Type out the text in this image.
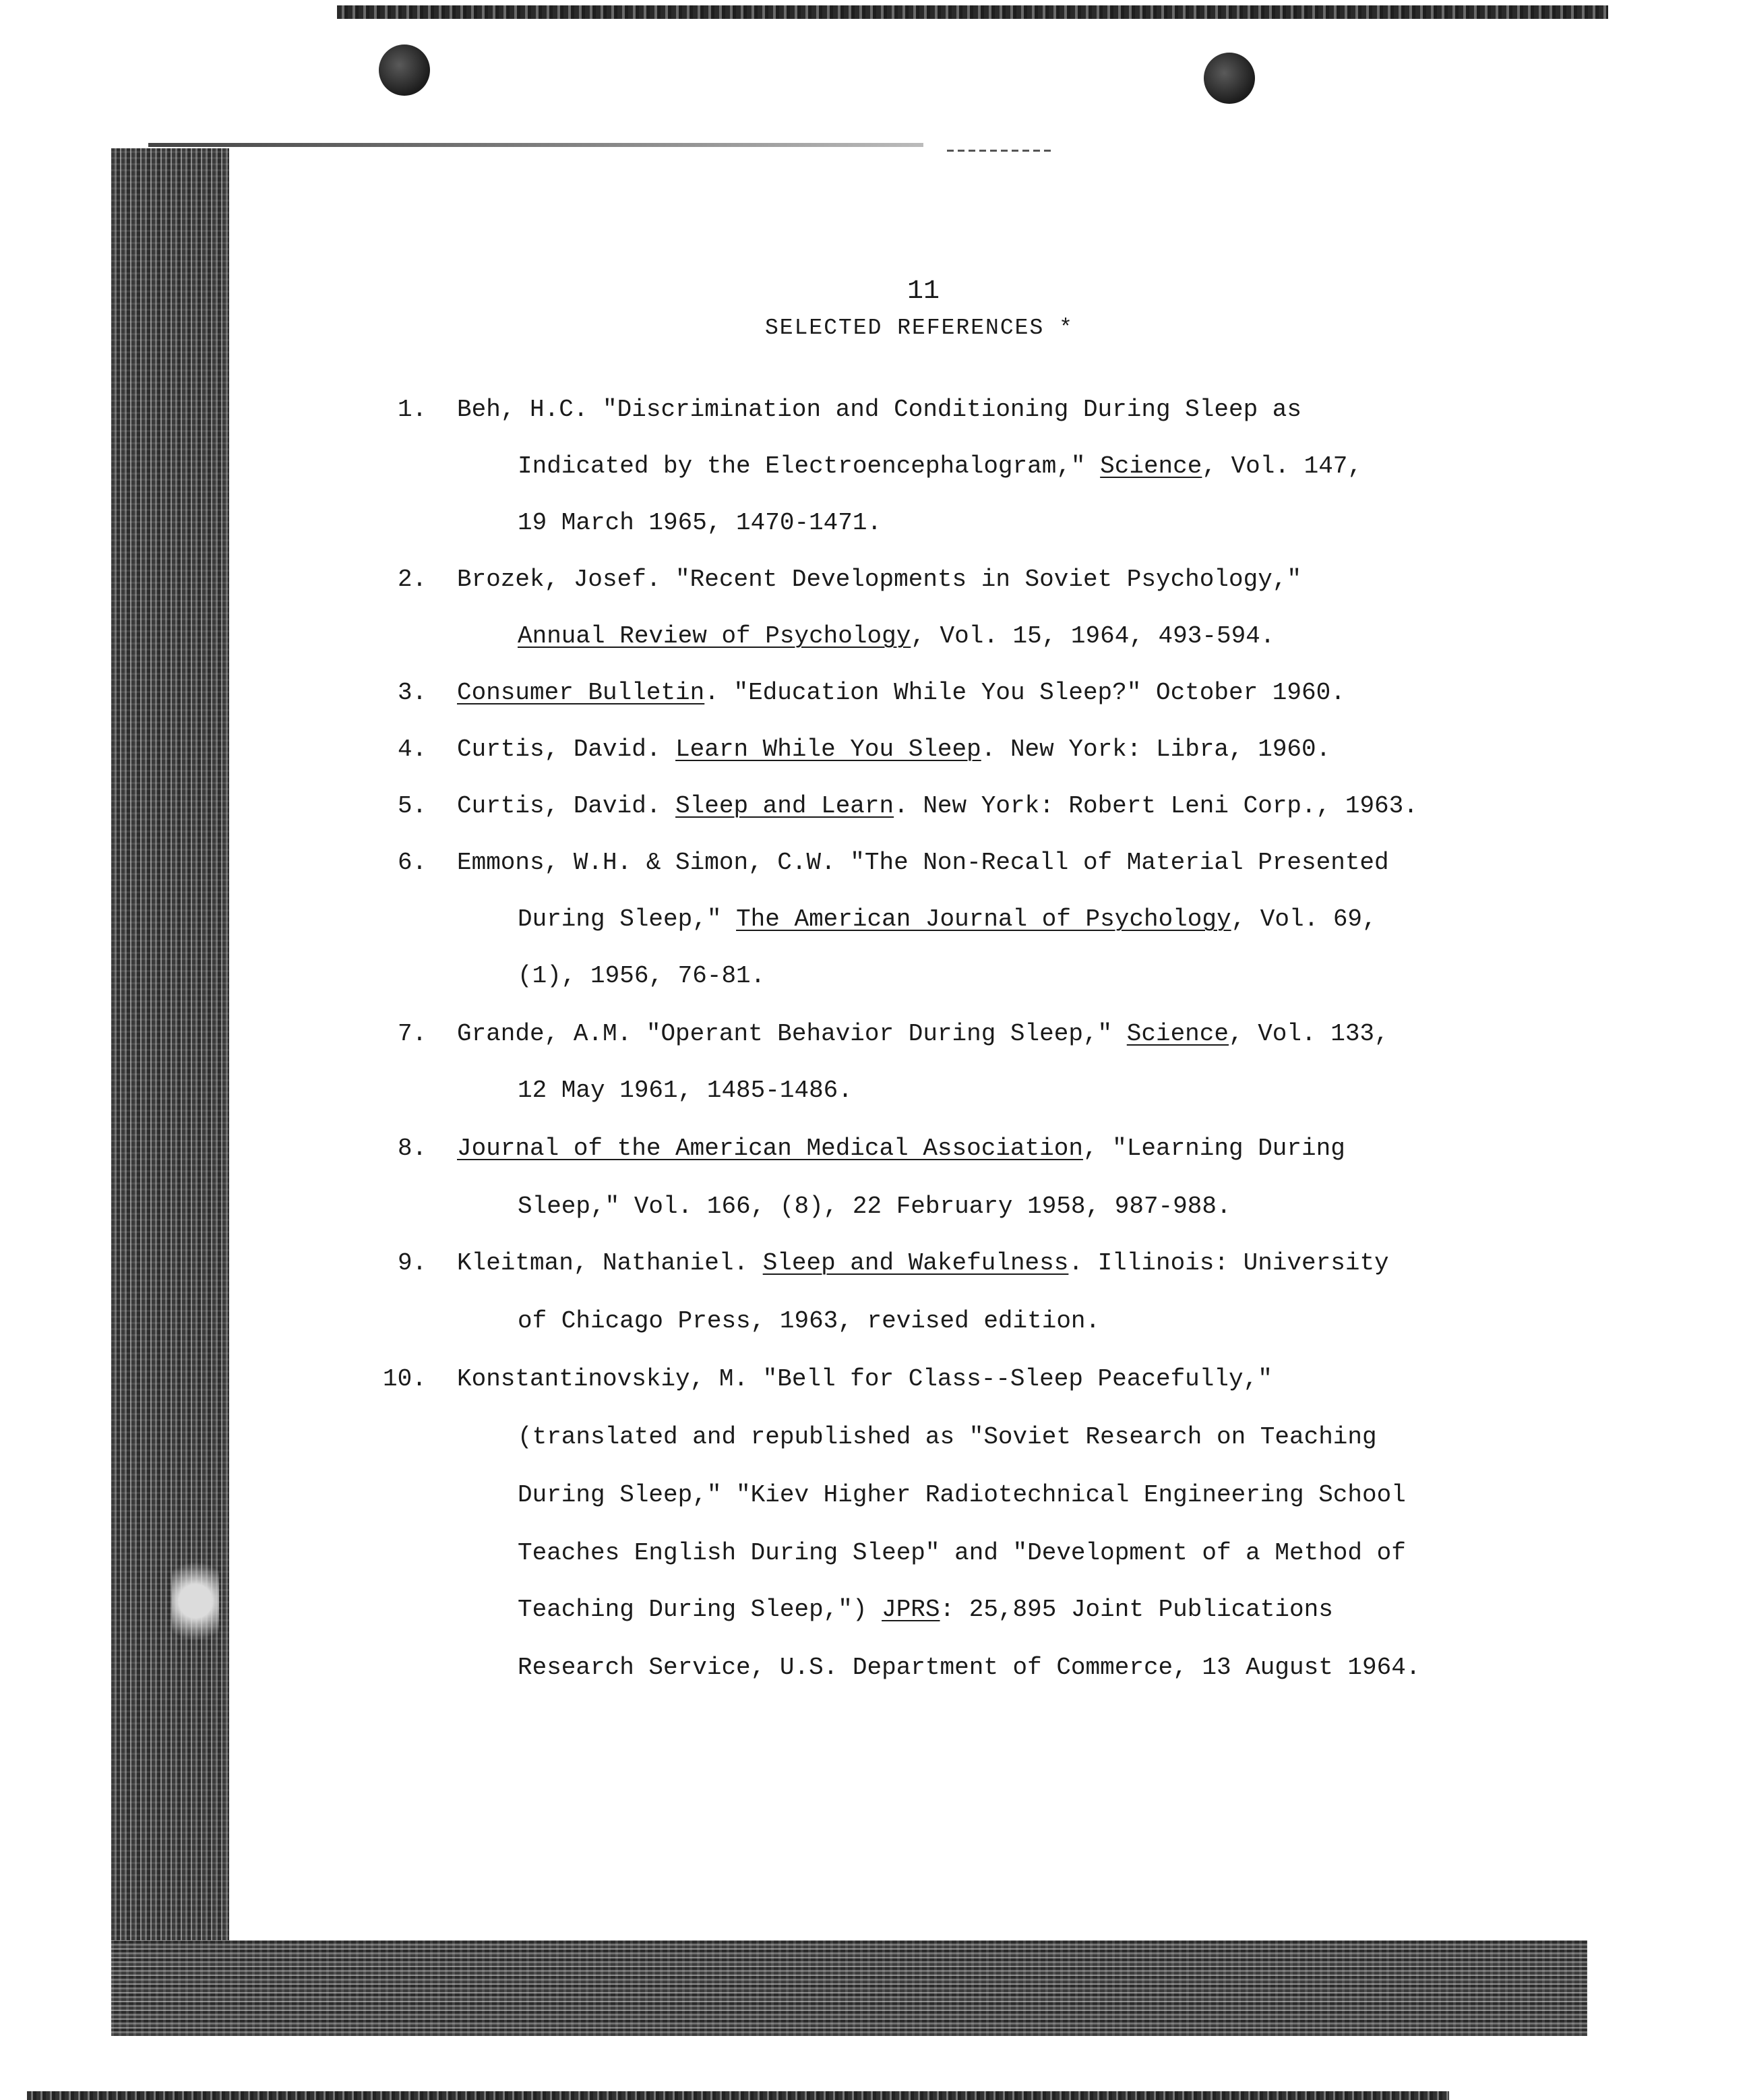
11
SELECTED REFERENCES *
1. Beh, H.C. "Discrimination and Conditioning During Sleep as
Indicated by the Electroencephalogram," Science, Vol. 147,
19 March 1965, 1470-1471.
2. Brozek, Josef. "Recent Developments in Soviet Psychology,"
Annual Review of Psychology, Vol. 15, 1964, 493-594.
3. Consumer Bulletin. "Education While You Sleep?" October 1960.
4. Curtis, David. Learn While You Sleep. New York: Libra, 1960.
5. Curtis, David. Sleep and Learn. New York: Robert Leni Corp., 1963.
6. Emmons, W.H. & Simon, C.W. "The Non-Recall of Material Presented
During Sleep," The American Journal of Psychology, Vol. 69,
(1), 1956, 76-81.
7. Grande, A.M. "Operant Behavior During Sleep," Science, Vol. 133,
12 May 1961, 1485-1486.
8. Journal of the American Medical Association, "Learning During
Sleep," Vol. 166, (8), 22 February 1958, 987-988.
9. Kleitman, Nathaniel. Sleep and Wakefulness. Illinois: University
of Chicago Press, 1963, revised edition.
10. Konstantinovskiy, M. "Bell for Class--Sleep Peacefully,"
(translated and republished as "Soviet Research on Teaching
During Sleep," "Kiev Higher Radiotechnical Engineering School
Teaches English During Sleep" and "Development of a Method of
Teaching During Sleep,") JPRS: 25,895 Joint Publications
Research Service, U.S. Department of Commerce, 13 August 1964.
